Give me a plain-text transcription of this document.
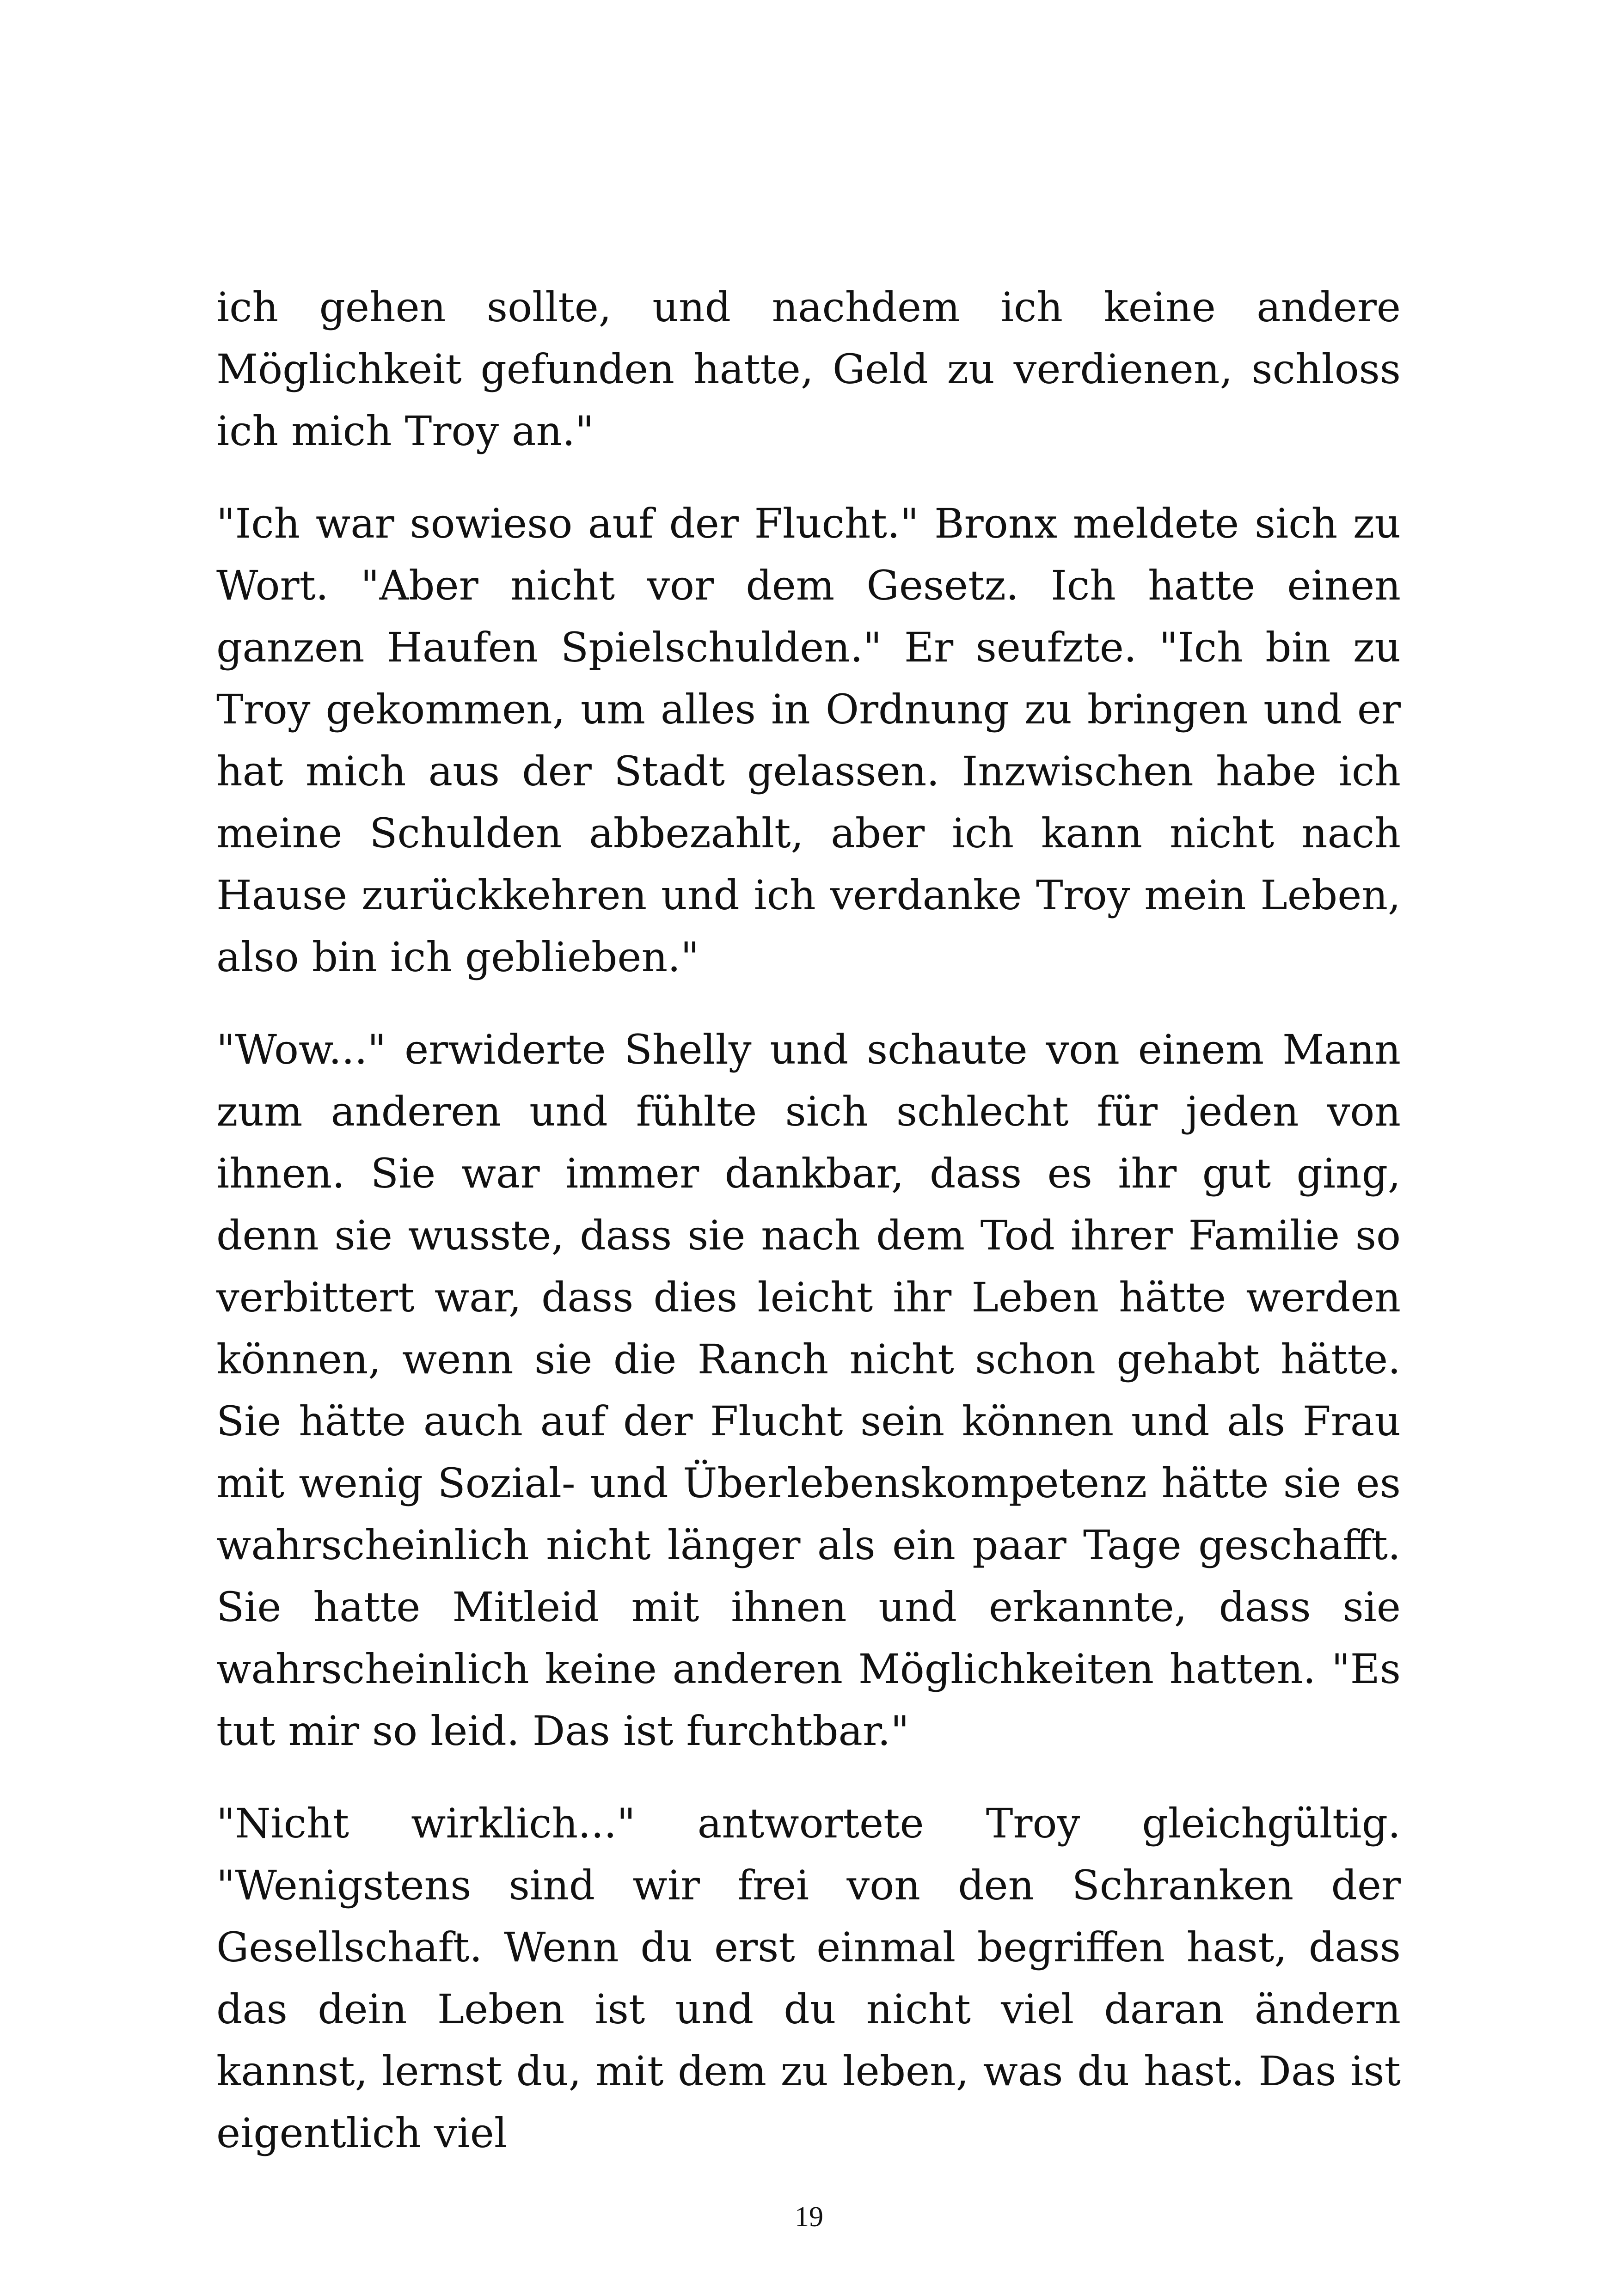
ich gehen sollte, und nachdem ich keine andere Möglichkeit gefunden hatte, Geld zu verdienen, schloss ich mich Troy an."

"Ich war sowieso auf der Flucht." Bronx meldete sich zu Wort. "Aber nicht vor dem Gesetz. Ich hatte einen ganzen Haufen Spielschulden." Er seufzte. "Ich bin zu Troy gekommen, um alles in Ordnung zu bringen und er hat mich aus der Stadt gelassen. Inzwischen habe ich meine Schulden abbezahlt, aber ich kann nicht nach Hause zurückkehren und ich verdanke Troy mein Leben, also bin ich geblieben."

"Wow..." erwiderte Shelly und schaute von einem Mann zum anderen und fühlte sich schlecht für jeden von ihnen. Sie war immer dankbar, dass es ihr gut ging, denn sie wusste, dass sie nach dem Tod ihrer Familie so verbittert war, dass dies leicht ihr Leben hätte werden können, wenn sie die Ranch nicht schon gehabt hätte. Sie hätte auch auf der Flucht sein können und als Frau mit wenig Sozial- und Überlebenskompetenz hätte sie es wahrscheinlich nicht länger als ein paar Tage geschafft. Sie hatte Mitleid mit ihnen und erkannte, dass sie wahrscheinlich keine anderen Möglichkeiten hatten. "Es tut mir so leid. Das ist furchtbar."

"Nicht wirklich..." antwortete Troy gleichgültig. "Wenigstens sind wir frei von den Schranken der Gesellschaft. Wenn du erst einmal begriffen hast, dass das dein Leben ist und du nicht viel daran ändern kannst, lernst du, mit dem zu leben, was du hast. Das ist eigentlich viel

19
